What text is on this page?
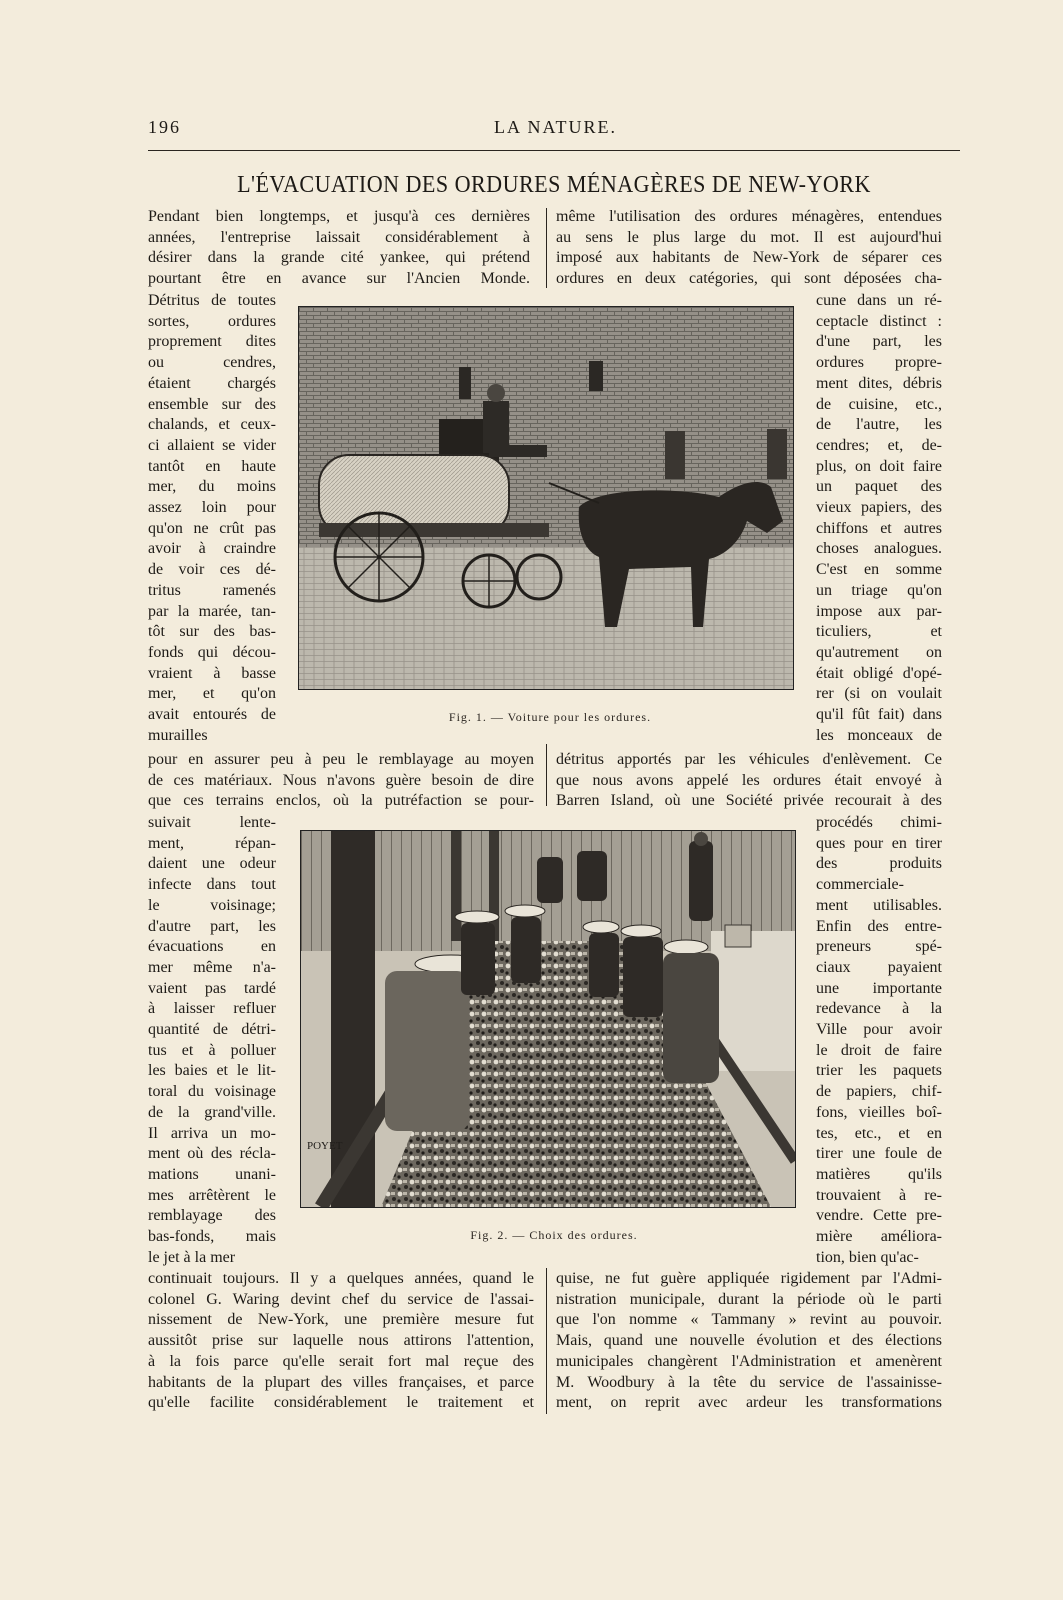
196	LA NATURE.
L'ÉVACUATION DES ORDURES MÉNAGÈRES DE NEW-YORK
Pendant bien longtemps, et jusqu'à ces dernières
années, l'entreprise laissait considérablement à
désirer dans la grande cité yankee, qui prétend
pourtant être en avance sur l'Ancien Monde.
Détritus de toutes
sortes, ordures
proprement dites
ou cendres,
étaient chargés
ensemble sur des
chalands, et ceux-
ci allaient se vider
tantôt en haute
mer, du moins
assez loin pour
qu'on ne crût pas
avoir à craindre
de voir ces dé-
tritus ramenés
par la marée, tan-
tôt sur des bas-
fonds qui décou-
vraient à basse
mer, et qu'on
avait entourés de
murailles
pour en assurer peu à peu le remblayage au moyen
de ces matériaux. Nous n'avons guère besoin de dire
que ces terrains enclos, où la putréfaction se pour-
suivait lente-
ment, répan-
daient une odeur
infecte dans tout
le voisinage;
d'autre part, les
évacuations en
mer même n'a-
vaient pas tardé
à laisser refluer
quantité de détri-
tus et à polluer
les baies et le lit-
toral du voisinage
de la grand'ville.
Il arriva un mo-
ment où des récla-
mations unani-
mes arrêtèrent le
remblayage des
bas-fonds, mais
le jet à la mer
continuait toujours. Il y a quelques années, quand le
colonel G. Waring devint chef du service de l'assai-
nissement de New-York, une première mesure fut
aussitôt prise sur laquelle nous attirons l'attention,
à la fois parce qu'elle serait fort mal reçue des
habitants de la plupart des villes françaises, et parce
qu'elle facilite considérablement le traitement et
même l'utilisation des ordures ménagères, entendues
au sens le plus large du mot. Il est aujourd'hui
imposé aux habitants de New-York de séparer ces
ordures en deux catégories, qui sont déposées cha-
cune dans un ré-
ceptacle distinct :
d'une part, les
ordures propre-
ment dites, débris
de cuisine, etc.,
de l'autre, les
cendres; et, de-
plus, on doit faire
un paquet des
vieux papiers, des
chiffons et autres
choses analogues.
C'est en somme
un triage qu'on
impose aux par-
ticuliers, et
qu'autrement on
était obligé d'opé-
rer (si on voulait
qu'il fût fait) dans
les monceaux de
détritus apportés par les véhicules d'enlèvement. Ce
que nous avons appelé les ordures était envoyé à
Barren Island, où une Société privée recourait à des
procédés chimi-
ques pour en tirer
des produits
commerciale-
ment utilisables.
Enfin des entre-
preneurs spé-
ciaux payaient
une importante
redevance à la
Ville pour avoir
le droit de faire
trier les paquets
de papiers, chif-
fons, vieilles boî-
tes, etc., et en
tirer une foule de
matières qu'ils
trouvaient à re-
vendre. Cette pre-
mière améliora-
tion, bien qu'ac-
quise, ne fut guère appliquée rigidement par l'Admi-
nistration municipale, durant la période où le parti
que l'on nomme « Tammany » revint au pouvoir.
Mais, quand une nouvelle évolution et des élections
municipales changèrent l'Administration et amenèrent
M. Woodbury à la tête du service de l'assainisse-
ment, on reprit avec ardeur les transformations
Fig. 1. — Voiture pour les ordures.
POYET
Fig. 2. — Choix des ordures.
